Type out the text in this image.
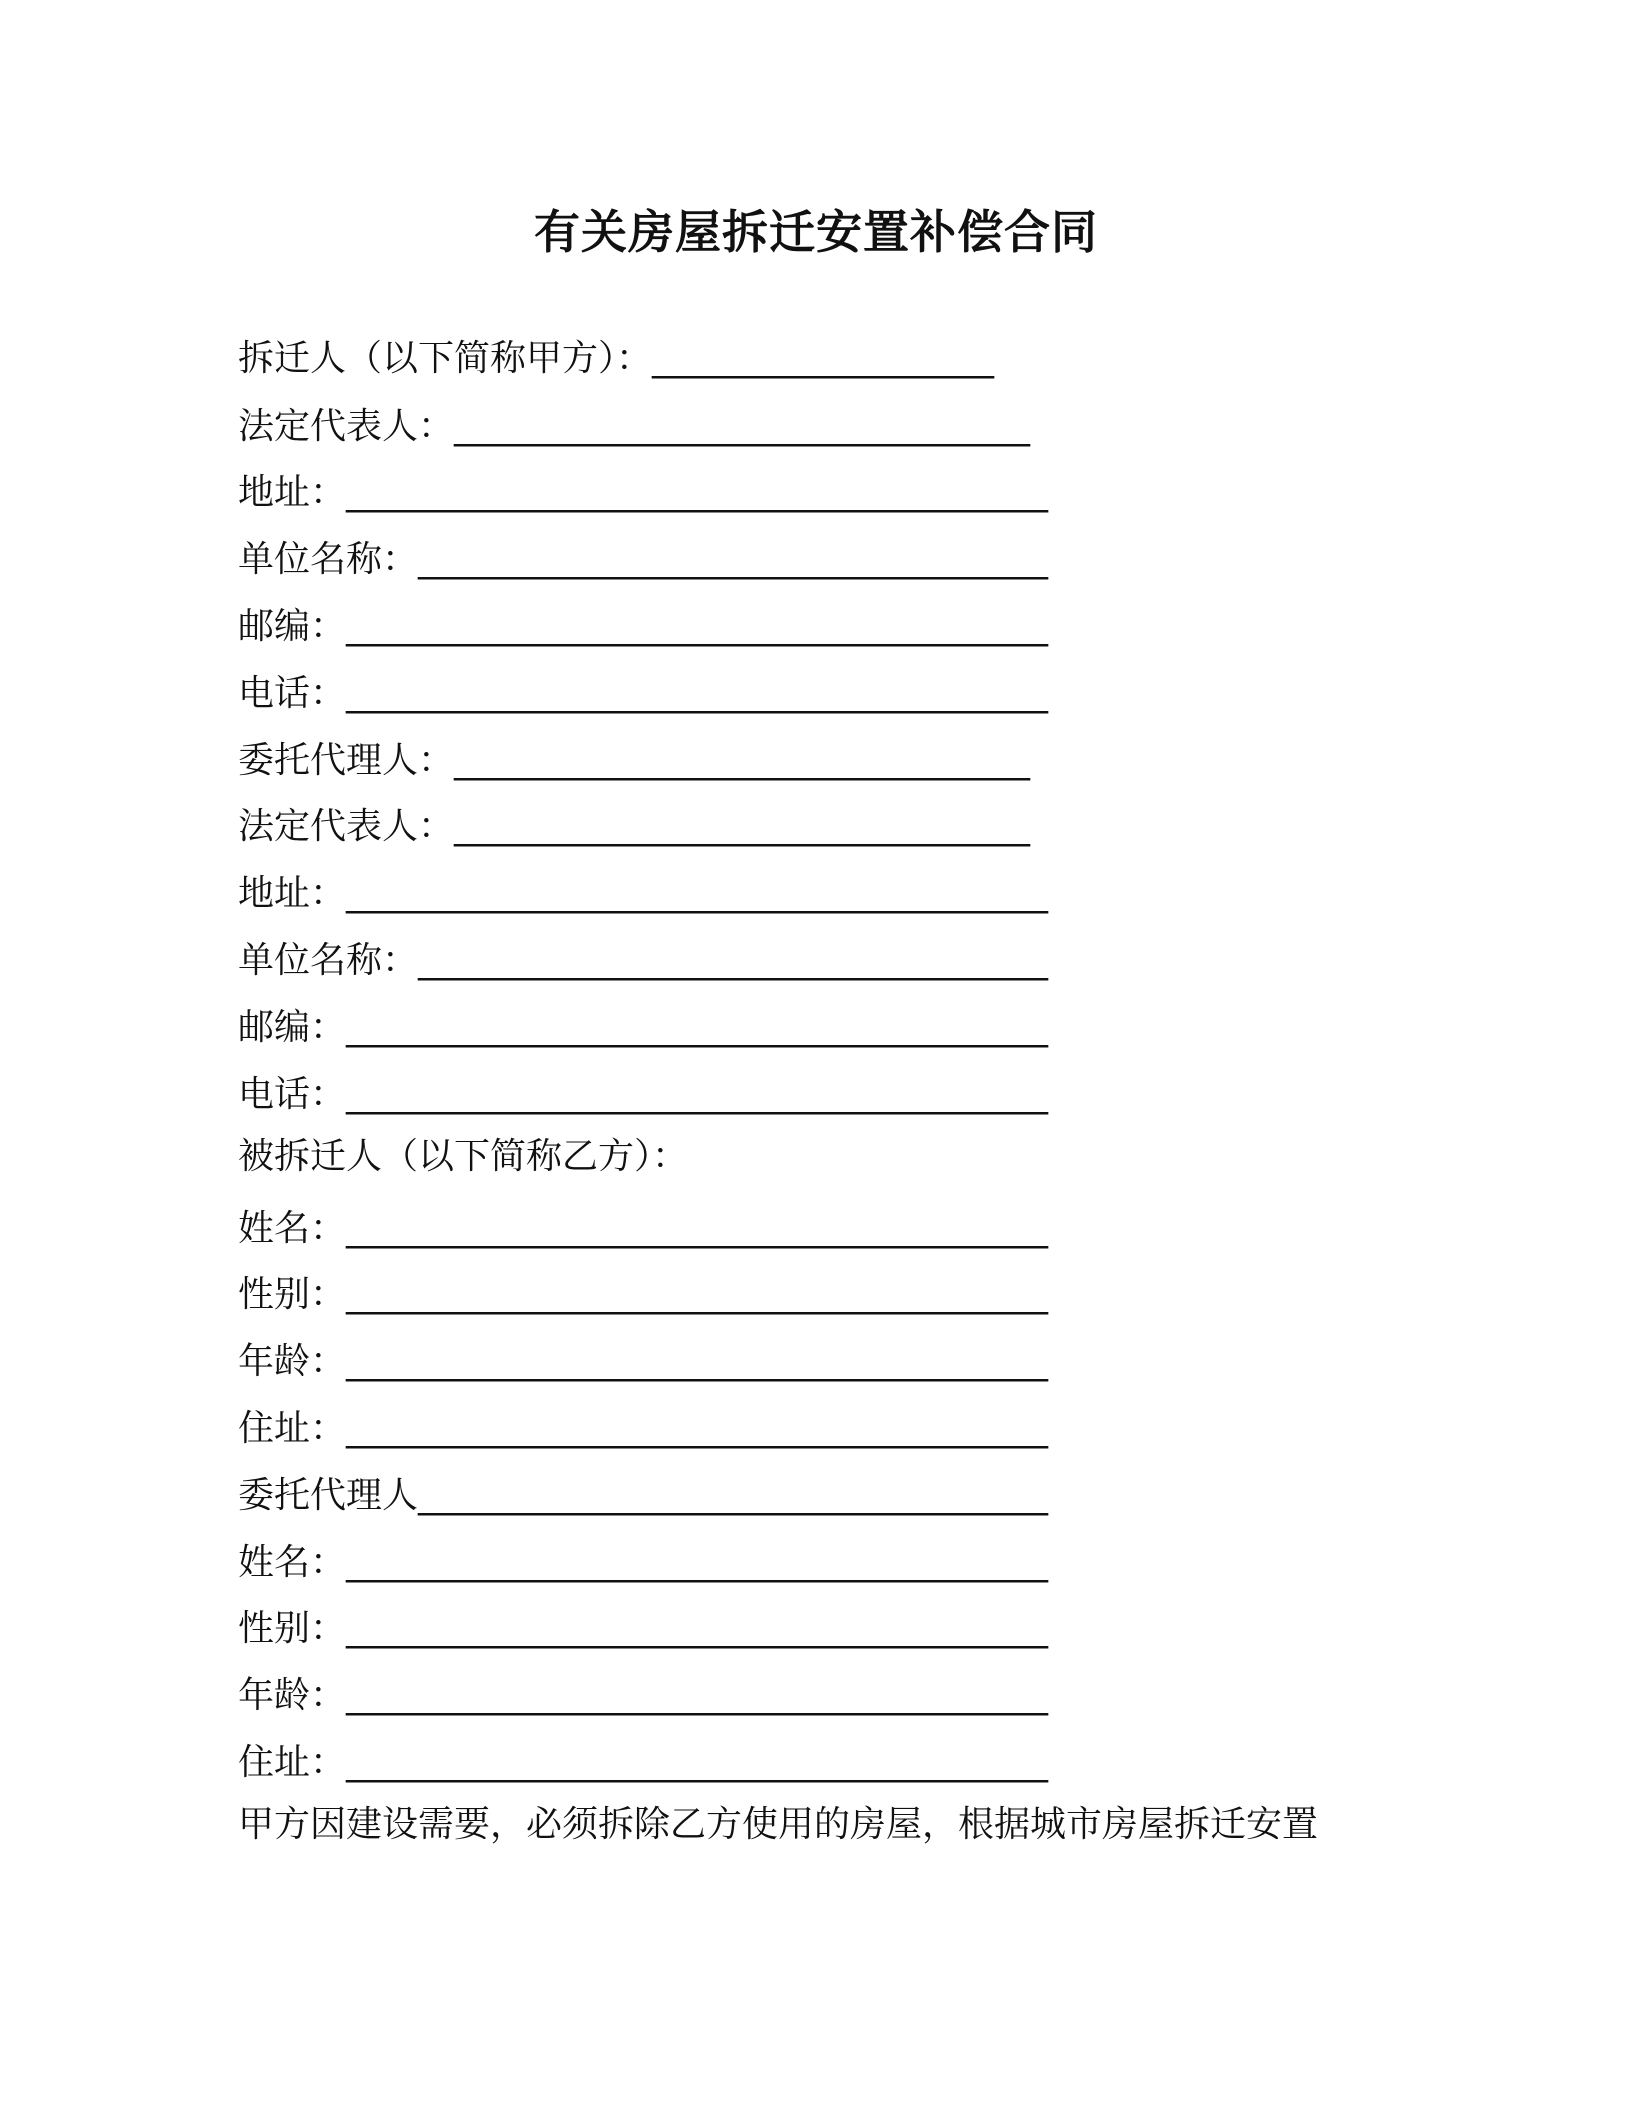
有关房屋拆迁安置补偿合同

拆迁人（以下简称甲方）：___________________

法定代表人：________________________________

地址：_______________________________________

单位名称：___________________________________

邮编：_______________________________________

电话：_______________________________________

委托代理人：________________________________

法定代表人：________________________________

地址：_______________________________________

单位名称：___________________________________

邮编：_______________________________________

电话：_______________________________________

被拆迁人（以下简称乙方）：

姓名：_______________________________________

性别：_______________________________________

年龄：_______________________________________

住址：_______________________________________

委托代理人___________________________________

姓名：_______________________________________

性别：_______________________________________

年龄：_______________________________________

住址：_______________________________________

甲方因建设需要，必须拆除乙方使用的房屋，根据城市房屋拆迁安置
